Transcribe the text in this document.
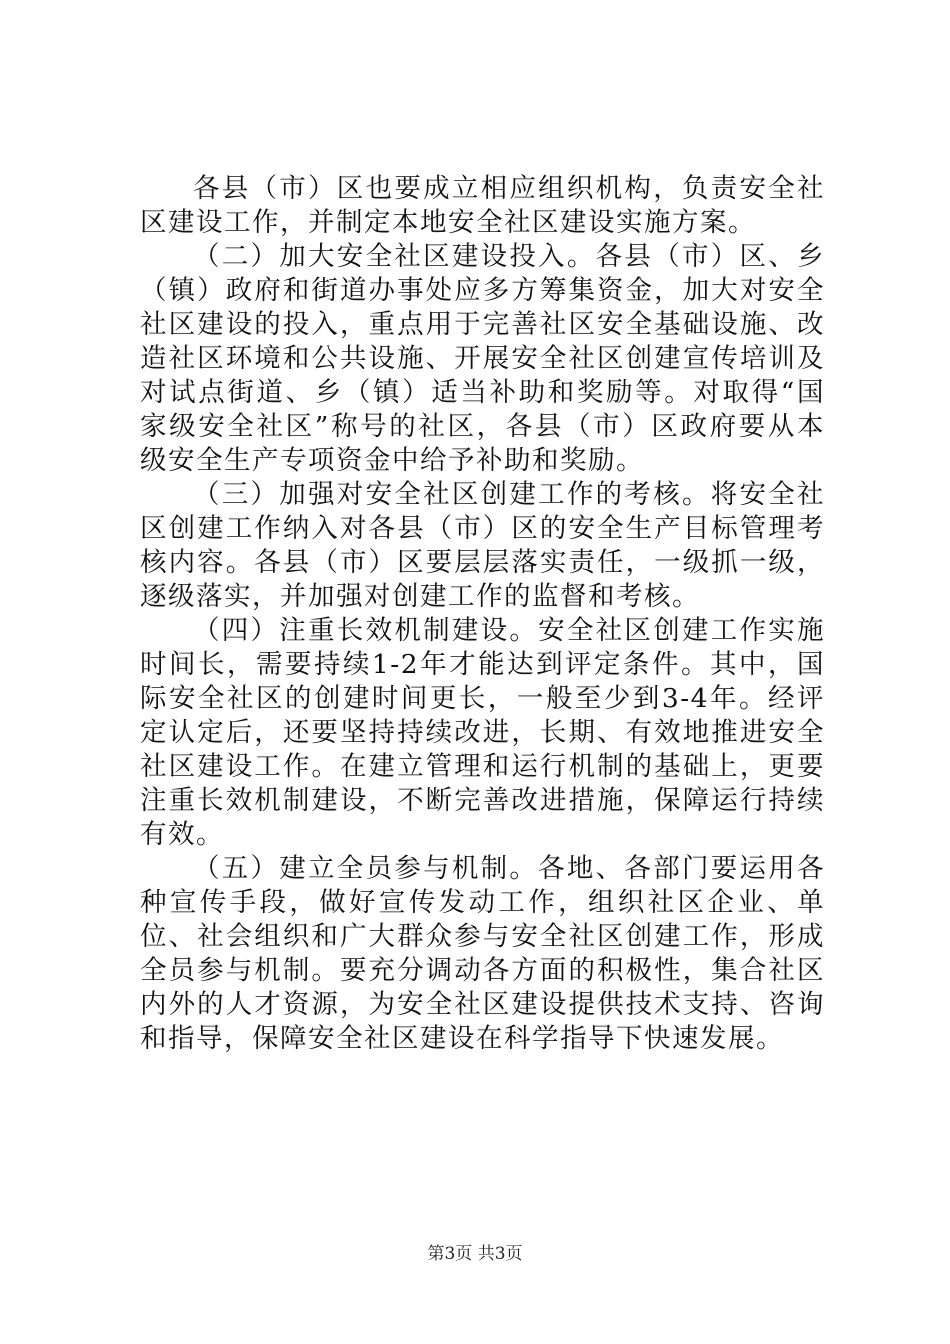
各县（市）区也要成立相应组织机构，负责安全社区建设工作，并制定本地安全社区建设实施方案。

（二）加大安全社区建设投入。各县（市）区、乡（镇）政府和街道办事处应多方筹集资金，加大对安全社区建设的投入，重点用于完善社区安全基础设施、改造社区环境和公共设施、开展安全社区创建宣传培训及对试点街道、乡（镇）适当补助和奖励等。对取得“国家级安全社区”称号的社区，各县（市）区政府要从本级安全生产专项资金中给予补助和奖励。

（三）加强对安全社区创建工作的考核。将安全社区创建工作纳入对各县（市）区的安全生产目标管理考核内容。各县（市）区要层层落实责任，一级抓一级，逐级落实，并加强对创建工作的监督和考核。

（四）注重长效机制建设。安全社区创建工作实施时间长，需要持续1-2年才能达到评定条件。其中，国际安全社区的创建时间更长，一般至少到3-4年。经评定认定后，还要坚持持续改进，长期、有效地推进安全社区建设工作。在建立管理和运行机制的基础上，更要注重长效机制建设，不断完善改进措施，保障运行持续有效。

（五）建立全员参与机制。各地、各部门要运用各种宣传手段，做好宣传发动工作，组织社区企业、单位、社会组织和广大群众参与安全社区创建工作，形成全员参与机制。要充分调动各方面的积极性，集合社区内外的人才资源，为安全社区建设提供技术支持、咨询和指导，保障安全社区建设在科学指导下快速发展。

第3页 共3页
